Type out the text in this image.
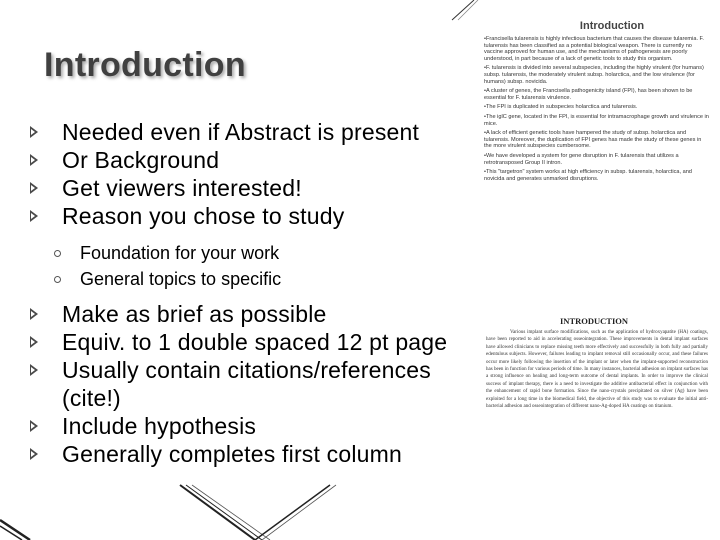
Introduction
Needed even if Abstract is present
Or Background
Get viewers interested!
Reason you chose to study
Foundation for your work
General topics to specific
Make as brief as possible
Equiv. to 1 double spaced 12 pt page
Usually contain citations/references (cite!)
Include hypothesis
Generally completes first column
Introduction

•Francisella tularensis is highly infectious bacterium that causes the disease tularemia. F. tularensis has been classified as a potential biological weapon. There is currently no vaccine approved for human use, and the mechanisms of pathogenesis are poorly understood, in part because of a lack of genetic tools to study this organism.

•F. tularensis is divided into several subspecies, including the highly virulent (for humans) subsp. tularensis, the moderately virulent subsp. holarctica, and the low virulence (for humans) subsp. novicida.

•A cluster of genes, the Francisella pathogenicity island (FPI), has been shown to be essential for F. tularensis virulence.

•The FPI is duplicated in subspecies holarctica and tularensis.

•The iglC gene, located in the FPI, is essential for intramacrophage growth and virulence in mice.

•A lack of efficient genetic tools have hampered the study of subsp. holarctica and tularensis. Moreover, the duplication of FPI genes has made the study of these genes in the more virulent subspecies cumbersome.

•We have developed a system for gene disruption in F. tularensis that utilizes a retrotransposed Group II intron.

•This "targetron" system works at high efficiency in subsp. tularensis, holarctica, and novicida and generates unmarked disruptions.

INTRODUCTION
Various implant surface modifications, such as the application of hydroxyapatite (HA) coatings, have been reported to aid in accelerating osseointegration. These improvements in dental implant surfaces have allowed clinicians to replace missing teeth more effectively and successfully in both fully and partially edentulous subjects. However, failures leading to implant removal still occasionally occur, and these failures occur more likely following the insertion of the implant or later when the implant-supported reconstruction has been in function for various periods of time. In many instances, bacterial adhesion on implant surfaces has a strong influence on healing and long-term outcome of dental implants. In order to improve the clinical success of implant therapy, there is a need to investigate the additive antibacterial effect in conjunction with the enhancement of rapid bone formation. Since the nano-crystals precipitated on silver (Ag) have been exploited for a long time in the biomedical field, the objective of this study was to evaluate the initial anti-bacterial adhesion and osseointegration of different nano-Ag-doped HA coatings on titanium.
